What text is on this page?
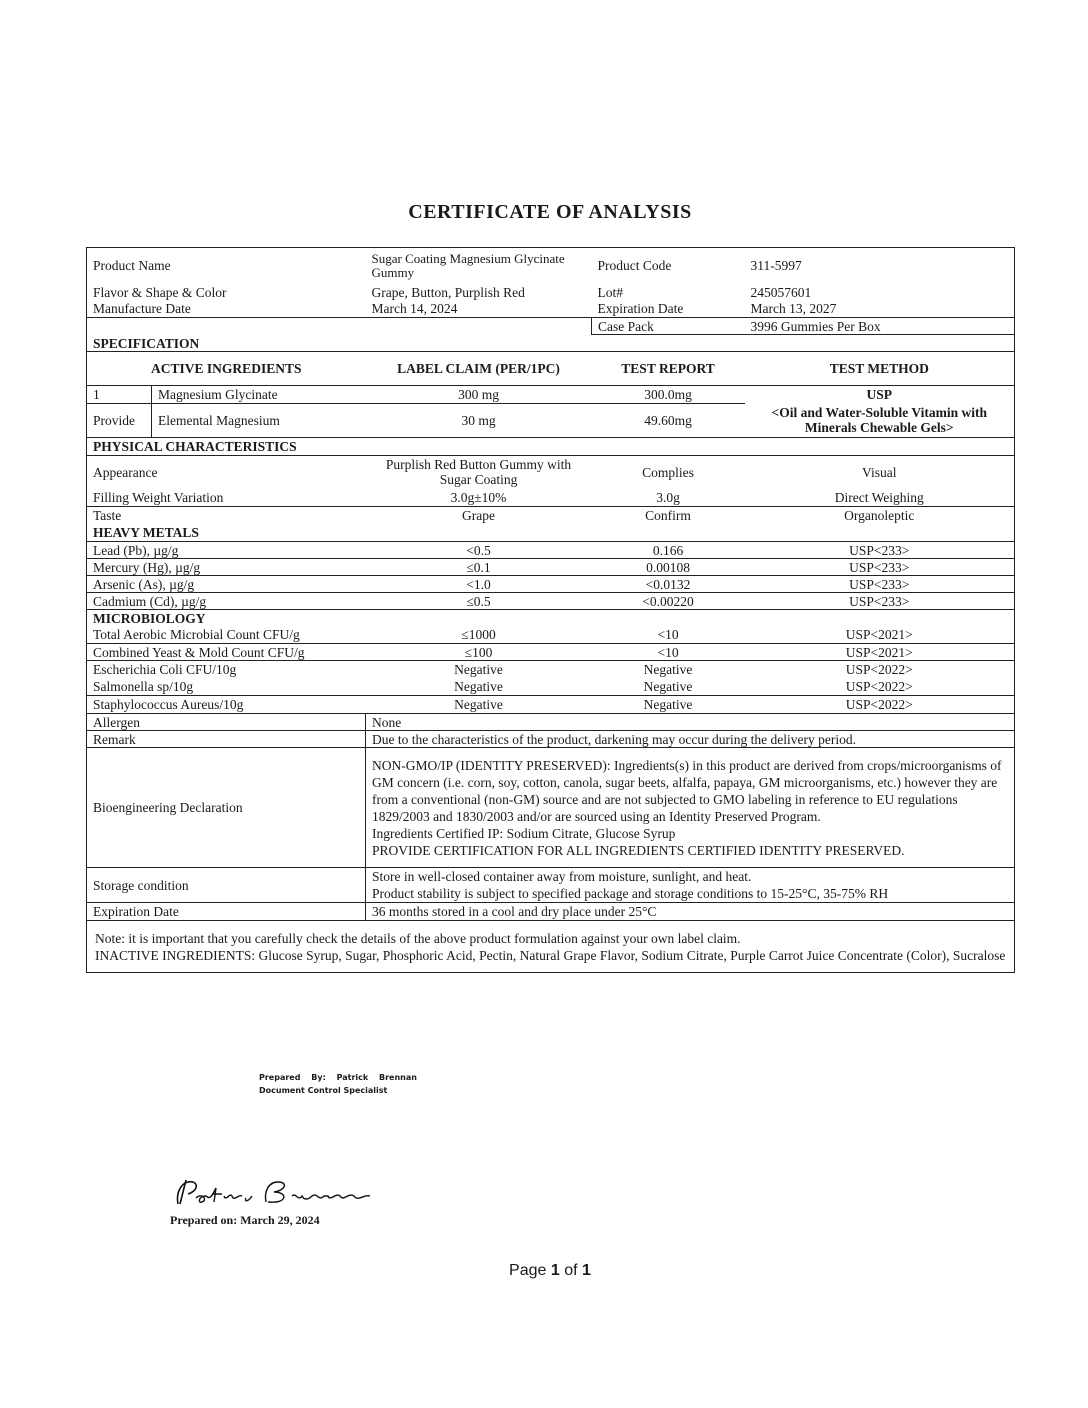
CERTIFICATE OF ANALYSIS
Product Name		Sugar Coating Magnesium Glycinate Gummy	Product Code	311-5997
Flavor & Shape & Color		Grape, Button, Purplish Red	Lot#	245057601
Manufacture Date		March 14, 2024	Expiration Date	March 13, 2027
			Case Pack	3996 Gummies Per Box
SPECIFICATION				
ACTIVE INGREDIENTS		LABEL CLAIM (PER/1PC)	TEST REPORT	TEST METHOD
1	Magnesium Glycinate	300 mg	300.0mg	USP
Provide	Elemental Magnesium	30 mg	49.60mg	<Oil and Water-Soluble Vitamin with Minerals Chewable Gels>
PHYSICAL CHARACTERISTICS				
Appearance		Purplish Red Button Gummy with Sugar Coating	Complies	Visual
Filling Weight Variation		3.0g±10%	3.0g	Direct Weighing
Taste		Grape	Confirm	Organoleptic
HEAVY METALS				
Lead (Pb), µg/g		<0.5	0.166	USP<233>
Mercury (Hg), µg/g		≤0.1	0.00108	USP<233>
Arsenic (As), µg/g		<1.0	<0.0132	USP<233>
Cadmium (Cd), µg/g		≤0.5	<0.00220	USP<233>
MICROBIOLOGY				
Total Aerobic Microbial Count CFU/g		≤1000	<10	USP<2021>
Combined Yeast & Mold Count CFU/g		≤100	<10	USP<2021>
Escherichia Coli CFU/10g		Negative	Negative	USP<2022>
Salmonella sp/10g		Negative	Negative	USP<2022>
Staphylococcus Aureus/10g		Negative	Negative	USP<2022>
Allergen		None		
Remark		Due to the characteristics of the product, darkening may occur during the delivery period.		
Bioengineering Declaration		NON-GMO/IP (IDENTITY PRESERVED): Ingredients(s) in this product are derived from crops/microorganisms of GM concern (i.e. corn, soy, cotton, canola, sugar beets, alfalfa, papaya, GM microorganisms, etc.) however they are from a conventional (non-GM) source and are not subjected to GMO labeling in reference to EU regulations 1829/2003 and 1830/2003 and/or are sourced using an Identity Preserved Program.
Ingredients Certified IP: Sodium Citrate, Glucose Syrup
PROVIDE CERTIFICATION FOR ALL INGREDIENTS CERTIFIED IDENTITY PRESERVED.		

Storage condition		Store in well-closed container away from moisture, sunlight, and heat.
Product stability is subject to specified package and storage conditions to 15-25°C, 35-75% RH		

Expiration Date		36 months stored in a cool and dry place under 25°C		

Note: it is important that you carefully check the details of the above product formulation against your own label claim.
INACTIVE INGREDIENTS: Glucose Syrup, Sugar, Phosphoric Acid, Pectin, Natural Grape Flavor, Sodium Citrate, Purple Carrot Juice Concentrate (Color), Sucralose				
Prepared By: Patrick Brennan
Document Control Specialist
Prepared on: March 29, 2024
Page 1 of 1
